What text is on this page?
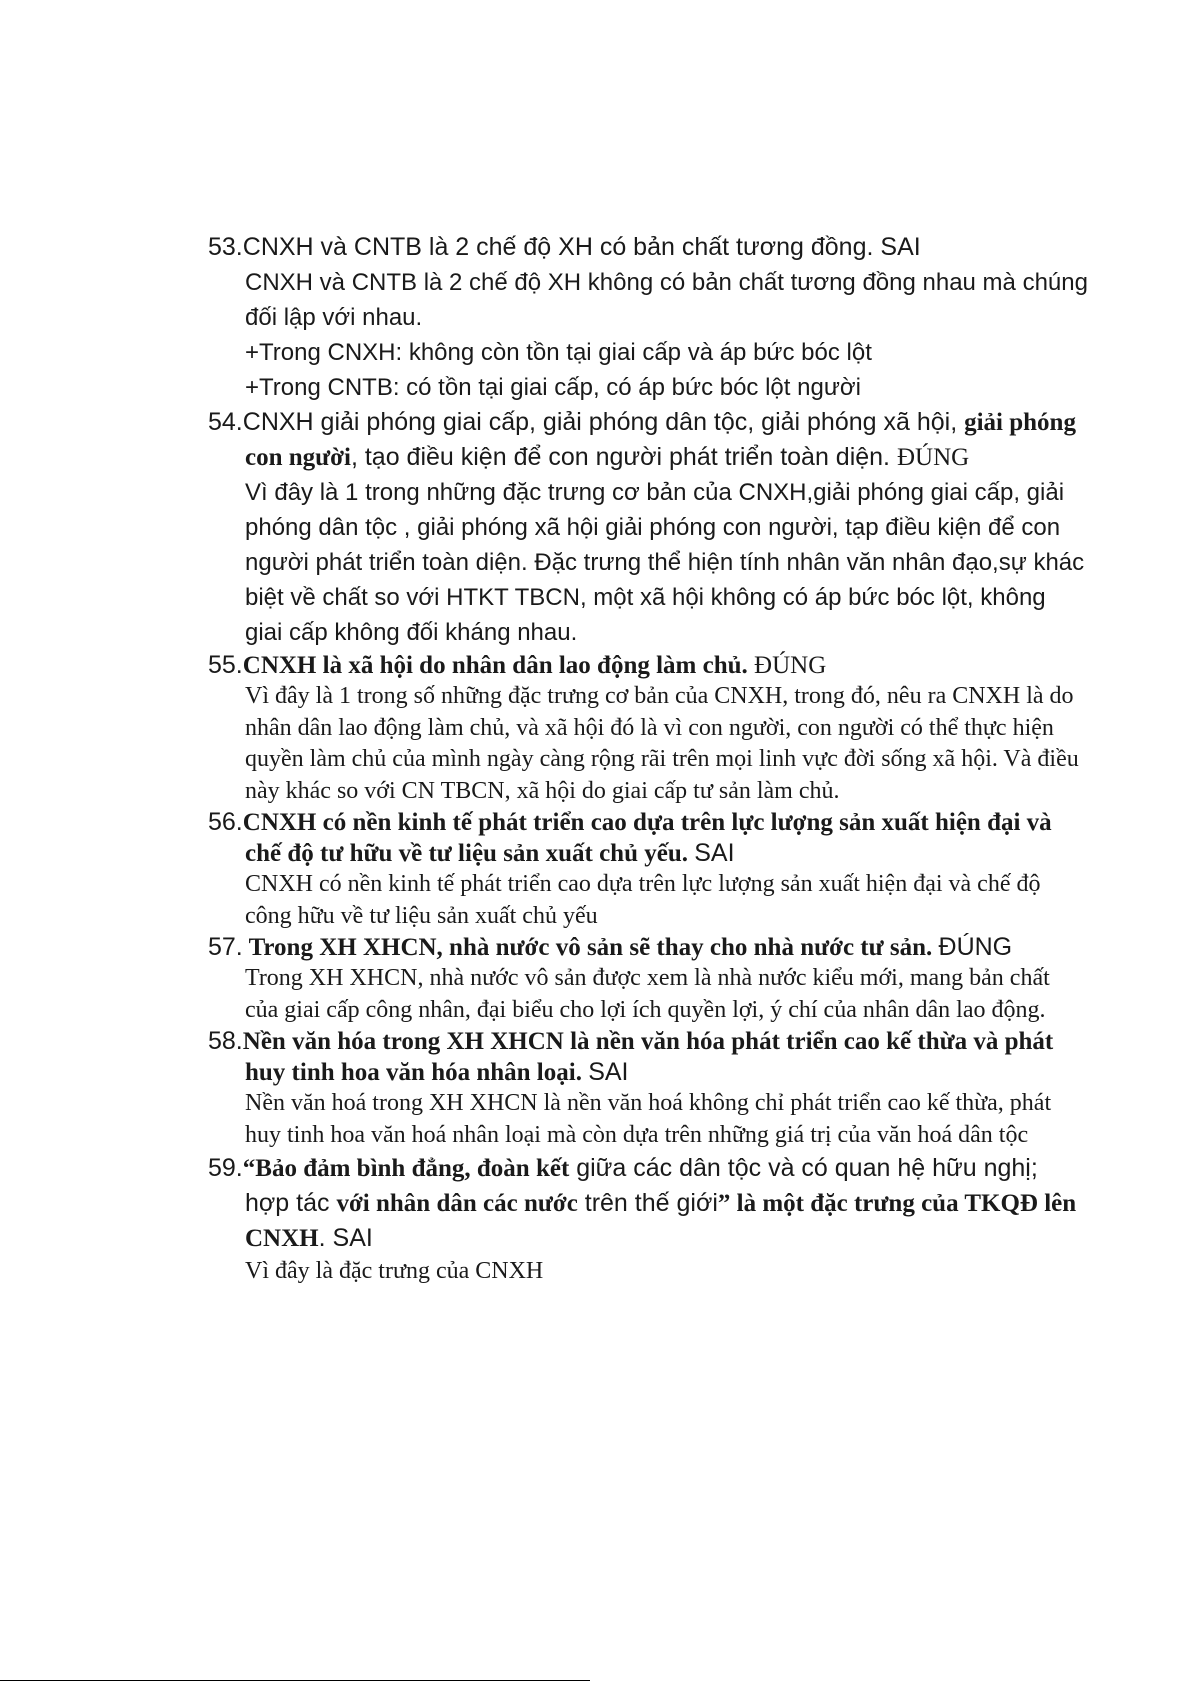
53.CNXH và CNTB là 2 chế độ XH có bản chất tương đồng. SAI
CNXH và CNTB là 2 chế độ XH không có bản chất tương đồng nhau mà chúng đối lập với nhau.
+Trong CNXH: không còn tồn tại giai cấp và áp bức bóc lột
+Trong CNTB: có tồn tại giai cấp, có áp bức bóc lột người
54.CNXH giải phóng giai cấp, giải phóng dân tộc, giải phóng xã hội, giải phóng con người, tạo điều kiện để con người phát triển toàn diện. ĐÚNG
Vì đây là 1 trong những đặc trưng cơ bản của CNXH,giải phóng giai cấp, giải phóng dân tộc , giải phóng xã hội giải phóng con người, tạp điều kiện để con người phát triển toàn diện. Đặc trưng thể hiện tính nhân văn nhân đạo,sự khác biệt về chất so với HTKT TBCN, một xã hội không có áp bức bóc lột, không giai cấp không đối kháng nhau.
55.CNXH là xã hội do nhân dân lao động làm chủ. ĐÚNG
Vì đây là 1 trong số những đặc trưng cơ bản của CNXH, trong đó, nêu ra CNXH là do nhân dân lao động làm chủ, và xã hội đó là vì con người, con người có thể thực hiện quyền làm chủ của mình ngày càng rộng rãi trên mọi linh vực đời sống xã hội. Và điều này khác so với CN TBCN, xã hội do giai cấp tư sản làm chủ.
56.CNXH có nền kinh tế phát triển cao dựa trên lực lượng sản xuất hiện đại và chế độ tư hữu về tư liệu sản xuất chủ yếu. SAI
CNXH có nền kinh tế phát triển cao dựa trên lực lượng sản xuất hiện đại và chế độ công hữu về tư liệu sản xuất chủ yếu
57. Trong XH XHCN, nhà nước vô sản sẽ thay cho nhà nước tư sản. ĐÚNG
Trong XH XHCN, nhà nước vô sản được xem là nhà nước kiểu mới, mang bản chất của giai cấp công nhân, đại biểu cho lợi ích quyền lợi, ý chí của nhân dân lao động.
58.Nền văn hóa trong XH XHCN là nền văn hóa phát triển cao kế thừa và phát huy tinh hoa văn hóa nhân loại. SAI
Nền văn hoá trong XH XHCN là nền văn hoá không chỉ phát triển cao kế thừa, phát huy tinh hoa văn hoá nhân loại mà còn dựa trên những giá trị của văn hoá dân tộc
59.“Bảo đảm bình đẳng, đoàn kết giữa các dân tộc và có quan hệ hữu nghị; hợp tác với nhân dân các nước trên thế giới” là một đặc trưng của TKQĐ lên CNXH. SAI
Vì đây là đặc trưng của CNXH
